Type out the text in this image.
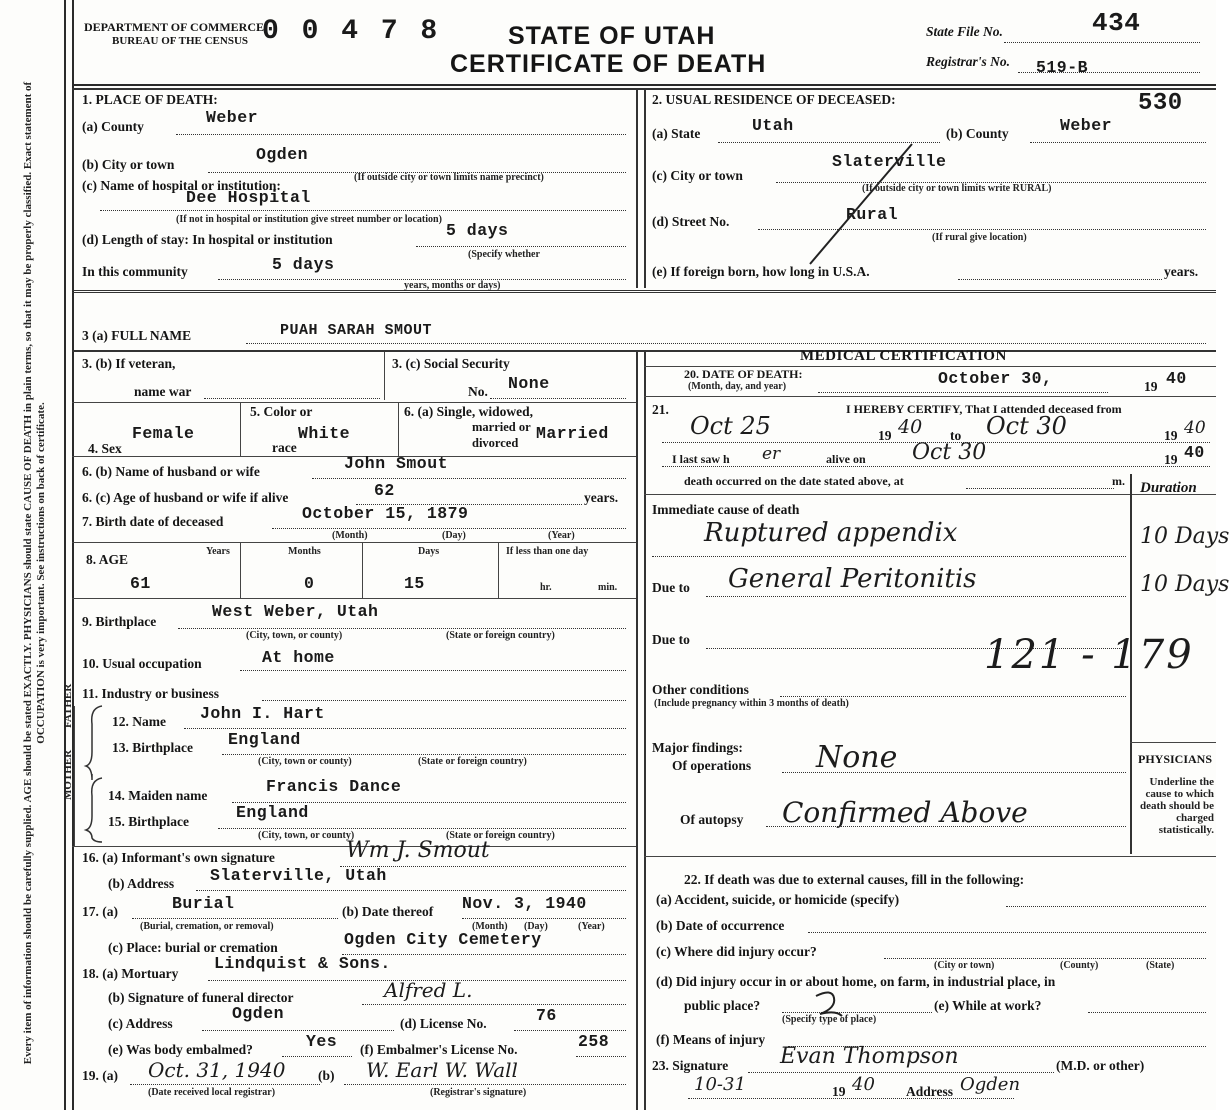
Every item of information should be carefully supplied. AGE should be stated EXACTLY. PHYSICIANS should state CAUSE OF DEATH in plain terms, so that it may be properly classified. Exact statement of OCCUPATION is very important. See instructions on back of certificate.
DEPARTMENT OF COMMERCE
BUREAU OF THE CENSUS 0 0 4 7 8	STATE OF UTAH
CERTIFICATE OF DEATH
State File No.	434
Registrar's No. 519-B
1. PLACE OF DEATH:
(a) County	Weber
(b) City or town
Ogden
(c) Name of hospital or institution:
(If outside city or town limits name precinct)
Dee Hospital
(If not in hospital or institution give street number or location)
(d) Length of stay: In hospital or institution	5 days
(Specify whether
In this community	5 days
years, months or days)
2. USUAL RESIDENCE OF DECEASED:	530
(a) State	Utah	(b) County	Weber
(c) City or town
Slaterville
(If outside city or town limits write RURAL)
(d) Street No.	Rural
(If rural give location)
(e) If foreign born, how long in U.S.A.	years.
3 (a) FULL NAME	PUAH SARAH SMOUT
3. (b) If veteran,
name war
3. (c) Social Security
No. None
4. Sex
Female
5. Color or
race
White
6. (a) Single, widowed,
married or
divorced Married
6. (b) Name of husband or wife	John Smout
6. (c) Age of husband or wife if alive	62	years.
7. Birth date of deceased	October 15, 1879
(Month)	(Day)	(Year)
8. AGE
Years
61
Months
0
Days
15
If less than one day
hr.	min.
9. Birthplace
West Weber, Utah
(City, town, or county)	(State or foreign country)
10. Usual occupation	At home
11. Industry or business
FATHER
MOTHER
12. Name John I. Hart
13. Birthplace England
(City, town or county)	(State or foreign country)
14. Maiden name	Francis Dance
15. Birthplace	England
(City, town, or county)	(State or foreign country)
16. (a) Informant's own signature	Wm J. Smout
(b) Address Slaterville, Utah
17. (a)	Burial
(Burial, cremation, or removal)
(b) Date thereof Nov. 3, 1940
(Month) (Day)	(Year)
(c) Place: burial or cremation	Ogden City Cemetery
18. (a) Mortuary
Lindquist & Sons.
(b) Signature of funeral director	Alfred L.
(c) Address
Ogden
(d) License No.	76
(e) Was body embalmed?	Yes (f) Embalmer's License No.	258
19. (a) Oct. 31, 1940 (b) W. Earl W. Wall
(Date received local registrar)	(Registrar's signature)
MEDICAL CERTIFICATION
20. DATE OF DEATH:
(Month, day, and year)	October 30,	19 40
21.	I HEREBY CERTIFY, That I attended deceased from
Oct 25	19 40 to Oct 30	19 40
I last saw h er	alive on Oct 30	19 40
death occurred on the date stated above, at	m. Duration
Immediate cause of death
Ruptured appendix	10 Days
Due to General Peritonitis	10 Days
Due to	121 - 179
Other conditions
(Include pregnancy within 3 months of death)
Major findings:
Of operations None
Of autopsy Confirmed Above
PHYSICIANS
Underline the cause to which death should be charged statistically.
22. If death was due to external causes, fill in the following:
(a) Accident, suicide, or homicide (specify)
(b) Date of occurrence
(c) Where did injury occur?
(City or town)	(County)	(State)
(d) Did injury occur in or about home, on farm, in industrial place, in
public place?
(Specify type of place)
(e) While at work?
(f) Means of injury
23. Signature Evan Thompson	(M.D. or other)
10-31	19 40 Address Ogden
